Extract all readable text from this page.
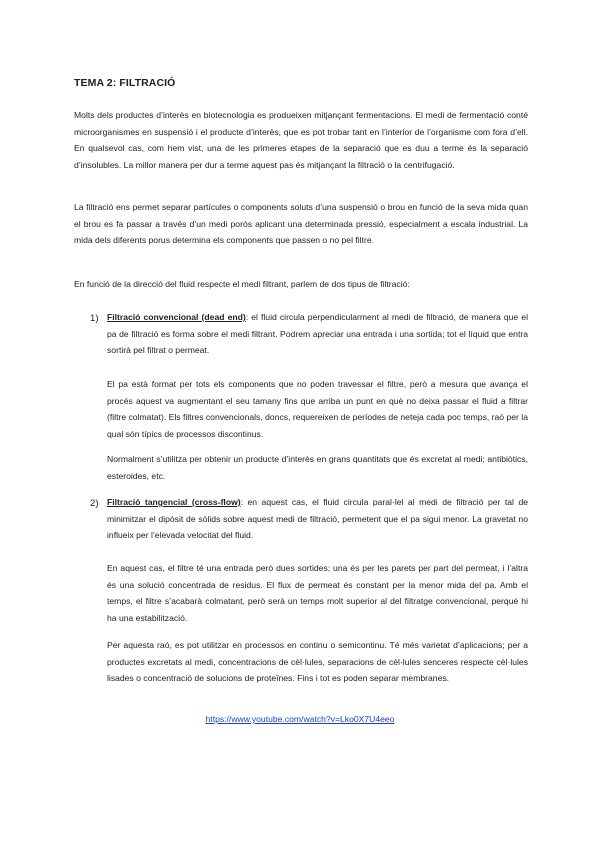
TEMA 2: FILTRACIÓ

Molts dels productes d’interès en biotecnologia es produeixen mitjançant fermentacions. El medi de fermentació conté microorganismes en suspensió i el producte d’interès, que es pot trobar tant en l’interior de l’organisme com fora d’ell. En qualsevol cas, com hem vist, una de les primeres etapes de la separació que es duu a terme és la separació d’insolubles. La millor manera per dur a terme aquest pas és mitjançant la filtració o la centrifugació.

La filtració ens permet separar partícules o components soluts d’una suspensió o brou en funció de la seva mida quan el brou es fa passar a través d’un medi porós aplicant una determinada pressió, especialment a escala industrial. La mida dels diferents porus determina els components que passen o no pel filtre.

En funció de la direcció del fluid respecte el medi filtrant, parlem de dos tipus de filtració:

1) Filtració convencional (dead end): el fluid circula perpendicularment al medi de filtració, de manera que el pa de filtració es forma sobre el medi filtrant. Podrem apreciar una entrada i una sortida; tot el líquid que entra sortirà pel filtrat o permeat.

El pa està format per tots els components que no poden travessar el filtre, però a mesura que avança el procés aquest va augmentant el seu tamany fins que arriba un punt en què no deixa passar el fluid a filtrar (filtre colmatat). Els filtres convencionals, doncs, requereixen de períodes de neteja cada poc temps, raó per la qual són típics de processos discontinus.

Normalment s’utilitza per obtenir un producte d’interès en grans quantitats que és excretat al medi: antibiòtics, esteroides, etc.

2) Filtració tangencial (cross-flow): en aquest cas, el fluid circula paral·lel al medi de filtració per tal de minimitzar el dipòsit de sòlids sobre aquest medi de filtració, permetent que el pa sigui menor. La gravetat no influeix per l’elevada velocitat del fluid.

En aquest cas, el filtre té una entrada però dues sortides; una és per les parets per part del permeat, i l’altra és una solució concentrada de residus. El flux de permeat és constant per la menor mida del pa. Amb el temps, el filtre s’acabarà colmatant, però serà un temps molt superior al del filtratge convencional, perquè hi ha una estabilització.

Per aquesta raó, es pot utilitzar en processos en continu o semicontinu. Té més varietat d’aplicacions; per a productes excretats al medi, concentracions de cèl·lules, separacions de cèl·lules senceres respecte cèl·lules lisades o concentració de solucions de proteïnes. Fins i tot es poden separar membranes.

https://www.youtube.com/watch?v=Lko0X7U4eeo
